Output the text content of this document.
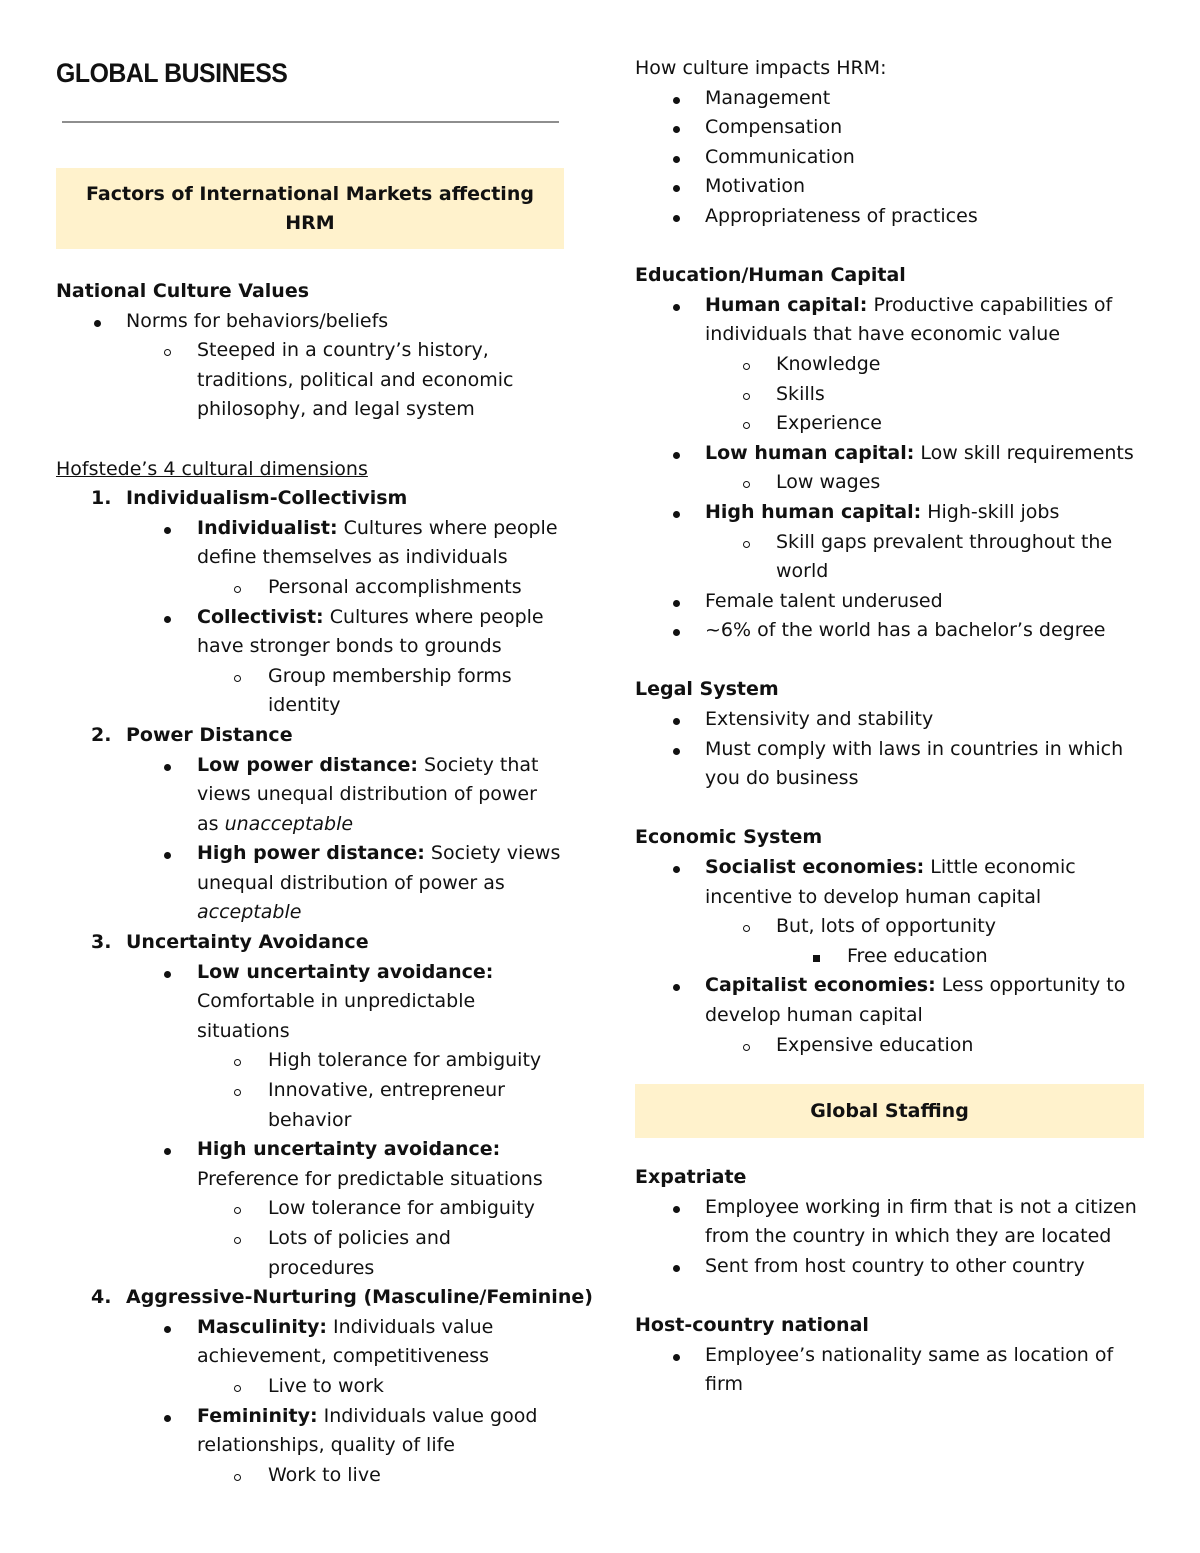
GLOBAL BUSINESS
Factors of International Markets affecting
HRM
National Culture Values
Norms for behaviors/beliefs
Steeped in a country’s history,
traditions, political and economic
philosophy, and legal system
Hofstede’s 4 cultural dimensions
1. Individualism-Collectivism
Individualist: Cultures where people
define themselves as individuals
Personal accomplishments
Collectivist: Cultures where people
have stronger bonds to grounds
Group membership forms
identity
2. Power Distance
Low power distance: Society that
views unequal distribution of power
as unacceptable
High power distance: Society views
unequal distribution of power as
acceptable
3. Uncertainty Avoidance
Low uncertainty avoidance:
Comfortable in unpredictable
situations
High tolerance for ambiguity
Innovative, entrepreneur
behavior
High uncertainty avoidance:
Preference for predictable situations
Low tolerance for ambiguity
Lots of policies and
procedures
4. Aggressive-Nurturing (Masculine/Feminine)
Masculinity: Individuals value
achievement, competitiveness
Live to work
Femininity: Individuals value good
relationships, quality of life
Work to live
How culture impacts HRM:
Management
Compensation
Communication
Motivation
Appropriateness of practices
Education/Human Capital
Human capital: Productive capabilities of
individuals that have economic value
Knowledge
Skills
Experience
Low human capital: Low skill requirements
Low wages
High human capital: High-skill jobs
Skill gaps prevalent throughout the
world
Female talent underused
~6% of the world has a bachelor’s degree
Legal System
Extensivity and stability
Must comply with laws in countries in which
you do business
Economic System
Socialist economies: Little economic
incentive to develop human capital
But, lots of opportunity
Free education
Capitalist economies: Less opportunity to
develop human capital
Expensive education
Global Staffing
Expatriate
Employee working in firm that is not a citizen
from the country in which they are located
Sent from host country to other country
Host-country national
Employee’s nationality same as location of
firm
